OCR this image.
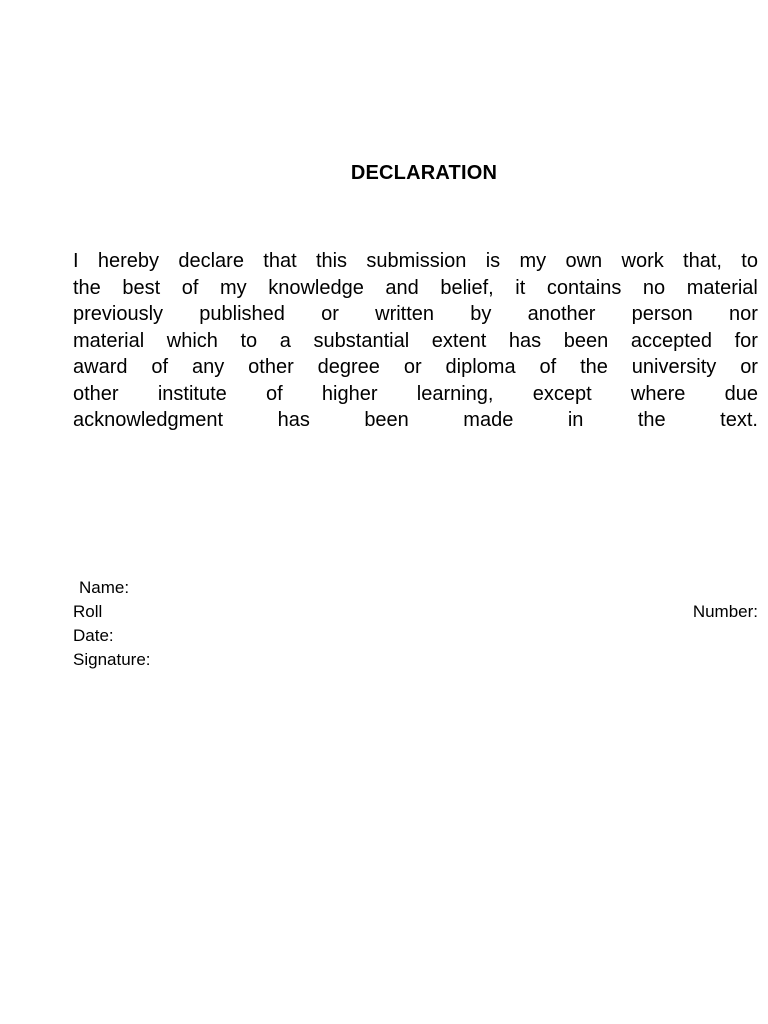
DECLARATION
I hereby declare that this submission is my own work that, to
the best of my knowledge and belief, it contains no material
previously published or written by another person nor
material which to a substantial extent has been accepted for
award of any other degree or diploma of the university or
other institute of higher learning, except where due
acknowledgment	has	been	made	in	the	text.
Name:
Roll	Number:
Date:
Signature:
